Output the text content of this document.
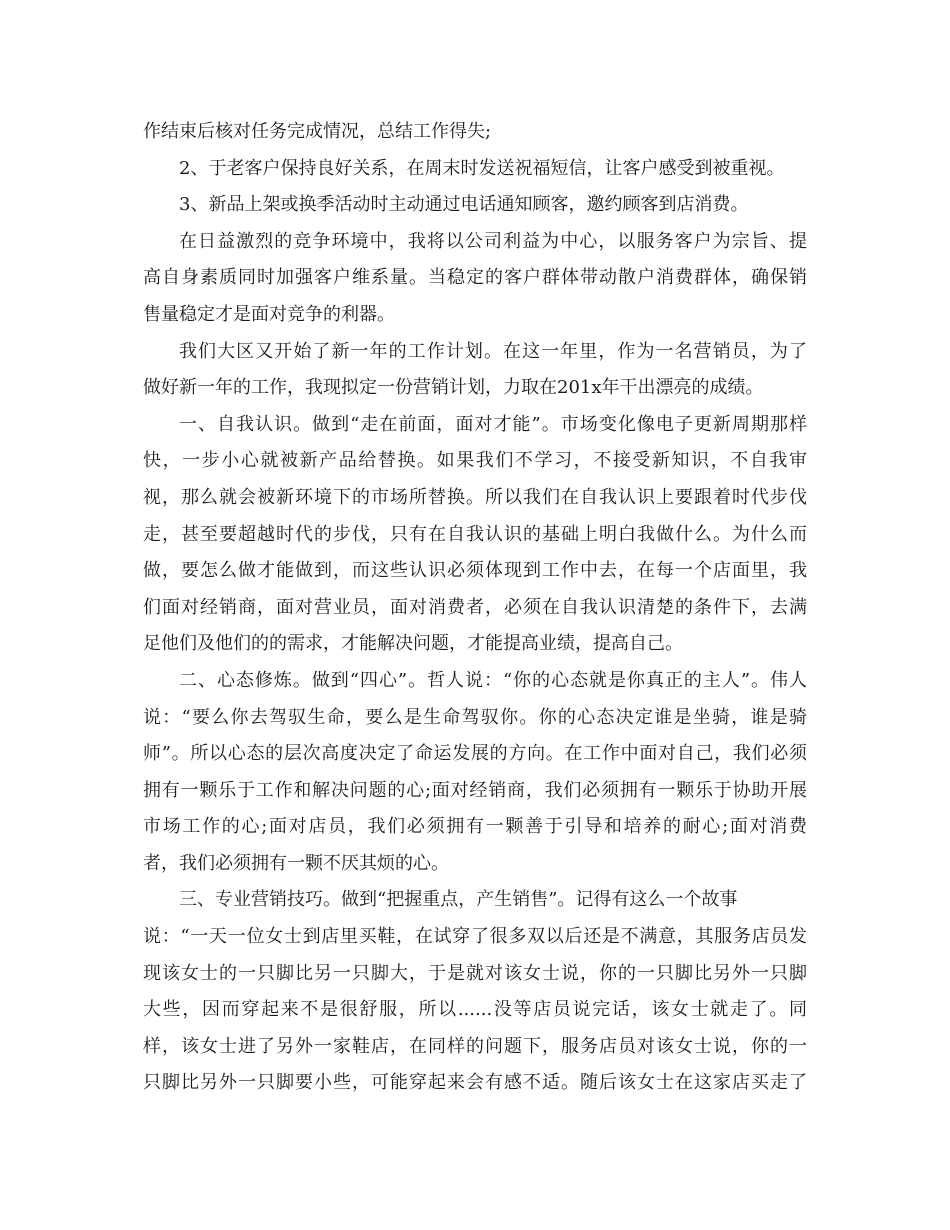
作结束后核对任务完成情况，总结工作得失;
2、于老客户保持良好关系，在周末时发送祝福短信，让客户感受到被重视。
3、新品上架或换季活动时主动通过电话通知顾客，邀约顾客到店消费。
在日益激烈的竞争环境中，我将以公司利益为中心，以服务客户为宗旨、提
高自身素质同时加强客户维系量。当稳定的客户群体带动散户消费群体，确保销
售量稳定才是面对竞争的利器。
我们大区又开始了新一年的工作计划。在这一年里，作为一名营销员，为了
做好新一年的工作，我现拟定一份营销计划，力取在201x年干出漂亮的成绩。
一、自我认识。做到“走在前面，面对才能”。市场变化像电子更新周期那样
快，一步小心就被新产品给替换。如果我们不学习，不接受新知识，不自我审
视，那么就会被新环境下的市场所替换。所以我们在自我认识上要跟着时代步伐
走，甚至要超越时代的步伐，只有在自我认识的基础上明白我做什么。为什么而
做，要怎么做才能做到，而这些认识必须体现到工作中去，在每一个店面里，我
们面对经销商，面对营业员，面对消费者，必须在自我认识清楚的条件下，去满
足他们及他们的的需求，才能解决问题，才能提高业绩，提高自己。
二、心态修炼。做到“四心”。哲人说：“你的心态就是你真正的主人”。伟人
说：“要么你去驾驭生命，要么是生命驾驭你。你的心态决定谁是坐骑，谁是骑
师”。所以心态的层次高度决定了命运发展的方向。在工作中面对自己，我们必须
拥有一颗乐于工作和解决问题的心;面对经销商，我们必须拥有一颗乐于协助开展
市场工作的心;面对店员，我们必须拥有一颗善于引导和培养的耐心;面对消费
者，我们必须拥有一颗不厌其烦的心。
三、专业营销技巧。做到“把握重点，产生销售”。记得有这么一个故事
说：“一天一位女士到店里买鞋，在试穿了很多双以后还是不满意，其服务店员发
现该女士的一只脚比另一只脚大，于是就对该女士说，你的一只脚比另外一只脚
大些，因而穿起来不是很舒服，所以......没等店员说完话，该女士就走了。同
样，该女士进了另外一家鞋店，在同样的问题下，服务店员对该女士说，你的一
只脚比另外一只脚要小些，可能穿起来会有感不适。随后该女士在这家店买走了
